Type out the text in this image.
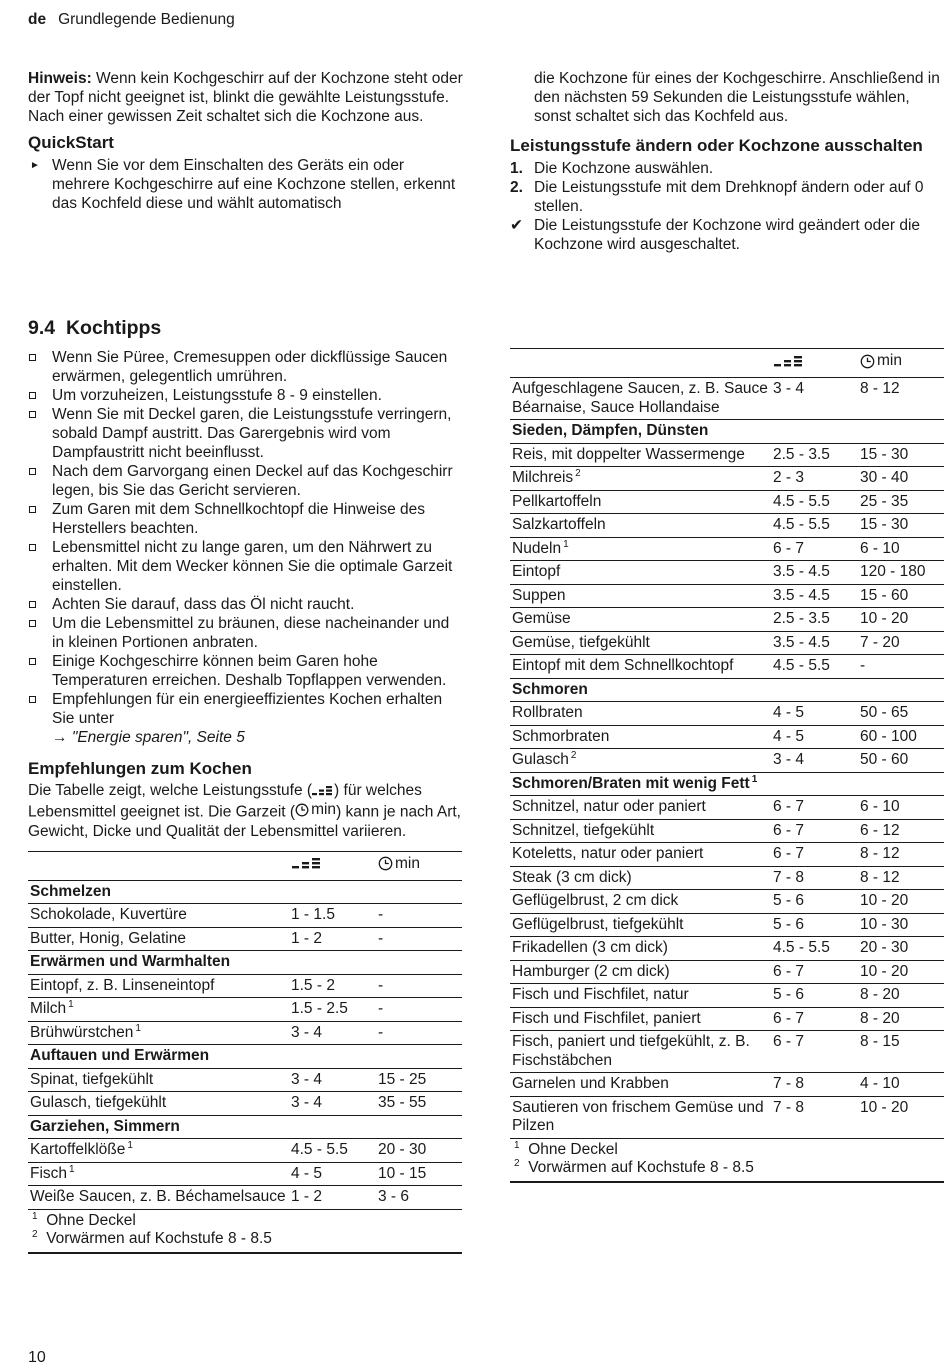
de Grundlegende Bedienung

Hinweis: Wenn kein Kochgeschirr auf der Kochzone steht oder der Topf nicht geeignet ist, blinkt die gewählte Leistungsstufe. Nach einer gewissen Zeit schaltet sich die Kochzone aus.

QuickStart
► Wenn Sie vor dem Einschalten des Geräts ein oder mehrere Kochgeschirre auf eine Kochzone stellen, erkennt das Kochfeld diese und wählt automatisch
die Kochzone für eines der Kochgeschirre. Anschließend in den nächsten 59 Sekunden die Leistungsstufe wählen, sonst schaltet sich das Kochfeld aus.
Leistungsstufe ändern oder Kochzone ausschalten
1. Die Kochzone auswählen.
2. Die Leistungsstufe mit dem Drehknopf ändern oder auf 0 stellen.
✔ Die Leistungsstufe der Kochzone wird geändert oder die Kochzone wird ausgeschaltet.
9.4 Kochtipps
Wenn Sie Püree, Cremesuppen oder dickflüssige Saucen erwärmen, gelegentlich umrühren.
Um vorzuheizen, Leistungsstufe 8 - 9 einstellen.
Wenn Sie mit Deckel garen, die Leistungsstufe verringern, sobald Dampf austritt. Das Garergebnis wird vom Dampfaustritt nicht beeinflusst.
Nach dem Garvorgang einen Deckel auf das Kochgeschirr legen, bis Sie das Gericht servieren.
Zum Garen mit dem Schnellkochtopf die Hinweise des Herstellers beachten.
Lebensmittel nicht zu lange garen, um den Nährwert zu erhalten. Mit dem Wecker können Sie die optimale Garzeit einstellen.
Achten Sie darauf, dass das Öl nicht raucht.
Um die Lebensmittel zu bräunen, diese nacheinander und in kleinen Portionen anbraten.
Einige Kochgeschirre können beim Garen hohe Temperaturen erreichen. Deshalb Topflappen verwenden.
Empfehlungen für ein energieeffizientes Kochen erhalten Sie unter
→ "Energie sparen", Seite 5
Empfehlungen zum Kochen

Die Tabelle zeigt, welche Leistungsstufe ( ) für welches Lebensmittel geeignet ist. Die Garzeit ( min ) kann je nach Art, Gewicht, Dicke und Qualität der Lebensmittel variieren.

min

Schmelzen		
Schokolade, Kuvertüre	1 - 1.5	-
Butter, Honig, Gelatine	1 - 2	-
Erwärmen und Warmhalten		
Eintopf, z. B. Linseneintopf	1.5 - 2	-
Milch $^1$	1.5 - 2.5	-
Brühwürstchen $^1$	3 - 4	-
Auftauen und Erwärmen		
Spinat, tiefgekühlt	3 - 4	15 - 25
Gulasch, tiefgekühlt	3 - 4	35 - 55
Garziehen, Simmern		
Kartoffelklöße $^1$	4.5 - 5.5	20 - 30
Fisch $^1$	4 - 5	10 - 15
Weiße Saucen, z. B. Béchamelsauce	1 - 2	3 - 6
$^1$ Ohne Deckel
$^2$ Vorwärmen auf Kochstufe 8 - 8.5

min

Aufgeschlagene Saucen, z. B. Sauce Béarnaise, Sauce Hollandaise	3 - 4	8 - 12
Sieden, Dämpfen, Dünsten		
Reis, mit doppelter Wassermenge	2.5 - 3.5	15 - 30
Milchreis $^2$	2 - 3	30 - 40
Pellkartoffeln	4.5 - 5.5	25 - 35
Salzkartoffeln	4.5 - 5.5	15 - 30
Nudeln $^1$	6 - 7	6 - 10
Eintopf	3.5 - 4.5	120 - 180
Suppen	3.5 - 4.5	15 - 60
Gemüse	2.5 - 3.5	10 - 20
Gemüse, tiefgekühlt	3.5 - 4.5	7 - 20
Eintopf mit dem Schnellkochtopf	4.5 - 5.5	-
Schmoren		
Rollbraten	4 - 5	50 - 65
Schmorbraten	4 - 5	60 - 100
Gulasch $^2$	3 - 4	50 - 60
Schmoren/Braten mit wenig Fett $^1$
Schnitzel, natur oder paniert	6 - 7	6 - 10
Schnitzel, tiefgekühlt	6 - 7	6 - 12
Koteletts, natur oder paniert	6 - 7	8 - 12
Steak (3 cm dick)	7 - 8	8 - 12
Geflügelbrust, 2 cm dick	5 - 6	10 - 20
Geflügelbrust, tiefgekühlt	5 - 6	10 - 30
Frikadellen (3 cm dick)	4.5 - 5.5	20 - 30
Hamburger (2 cm dick)	6 - 7	10 - 20
Fisch und Fischfilet, natur	5 - 6	8 - 20
Fisch und Fischfilet, paniert	6 - 7	8 - 20
Fisch, paniert und tiefgekühlt, z. B. Fischstäbchen	6 - 7	8 - 15
Garnelen und Krabben	7 - 8	4 - 10
Sautieren von frischem Gemüse und Pilzen	7 - 8	10 - 20
$^1$ Ohne Deckel
$^2$ Vorwärmen auf Kochstufe 8 - 8.5
10
